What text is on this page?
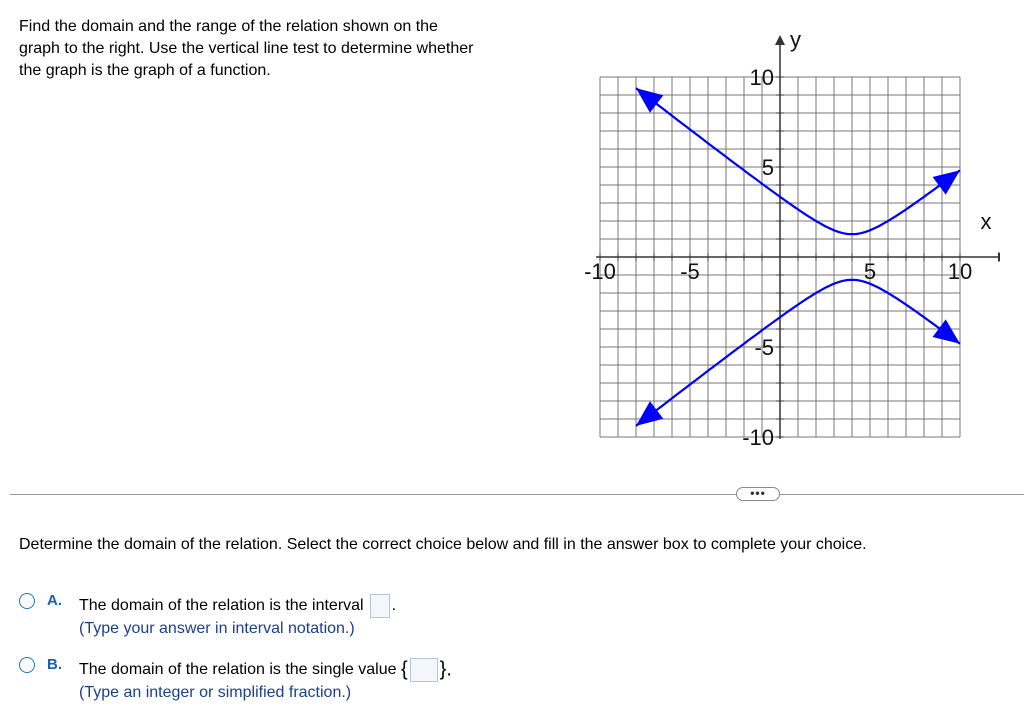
Find the domain and the range of the relation shown on the
graph to the right. Use the vertical line test to determine whether
the graph is the graph of a function.
-10	-5	5	10
10
5
-5
-10
x
y
•••
Determine the domain of the relation. Select the correct choice below and fill in the answer box to complete your choice.
A. The domain of the relation is the interval .
(Type your answer in interval notation.)
B. The domain of the relation is the single value { }.
(Type an integer or simplified fraction.)
